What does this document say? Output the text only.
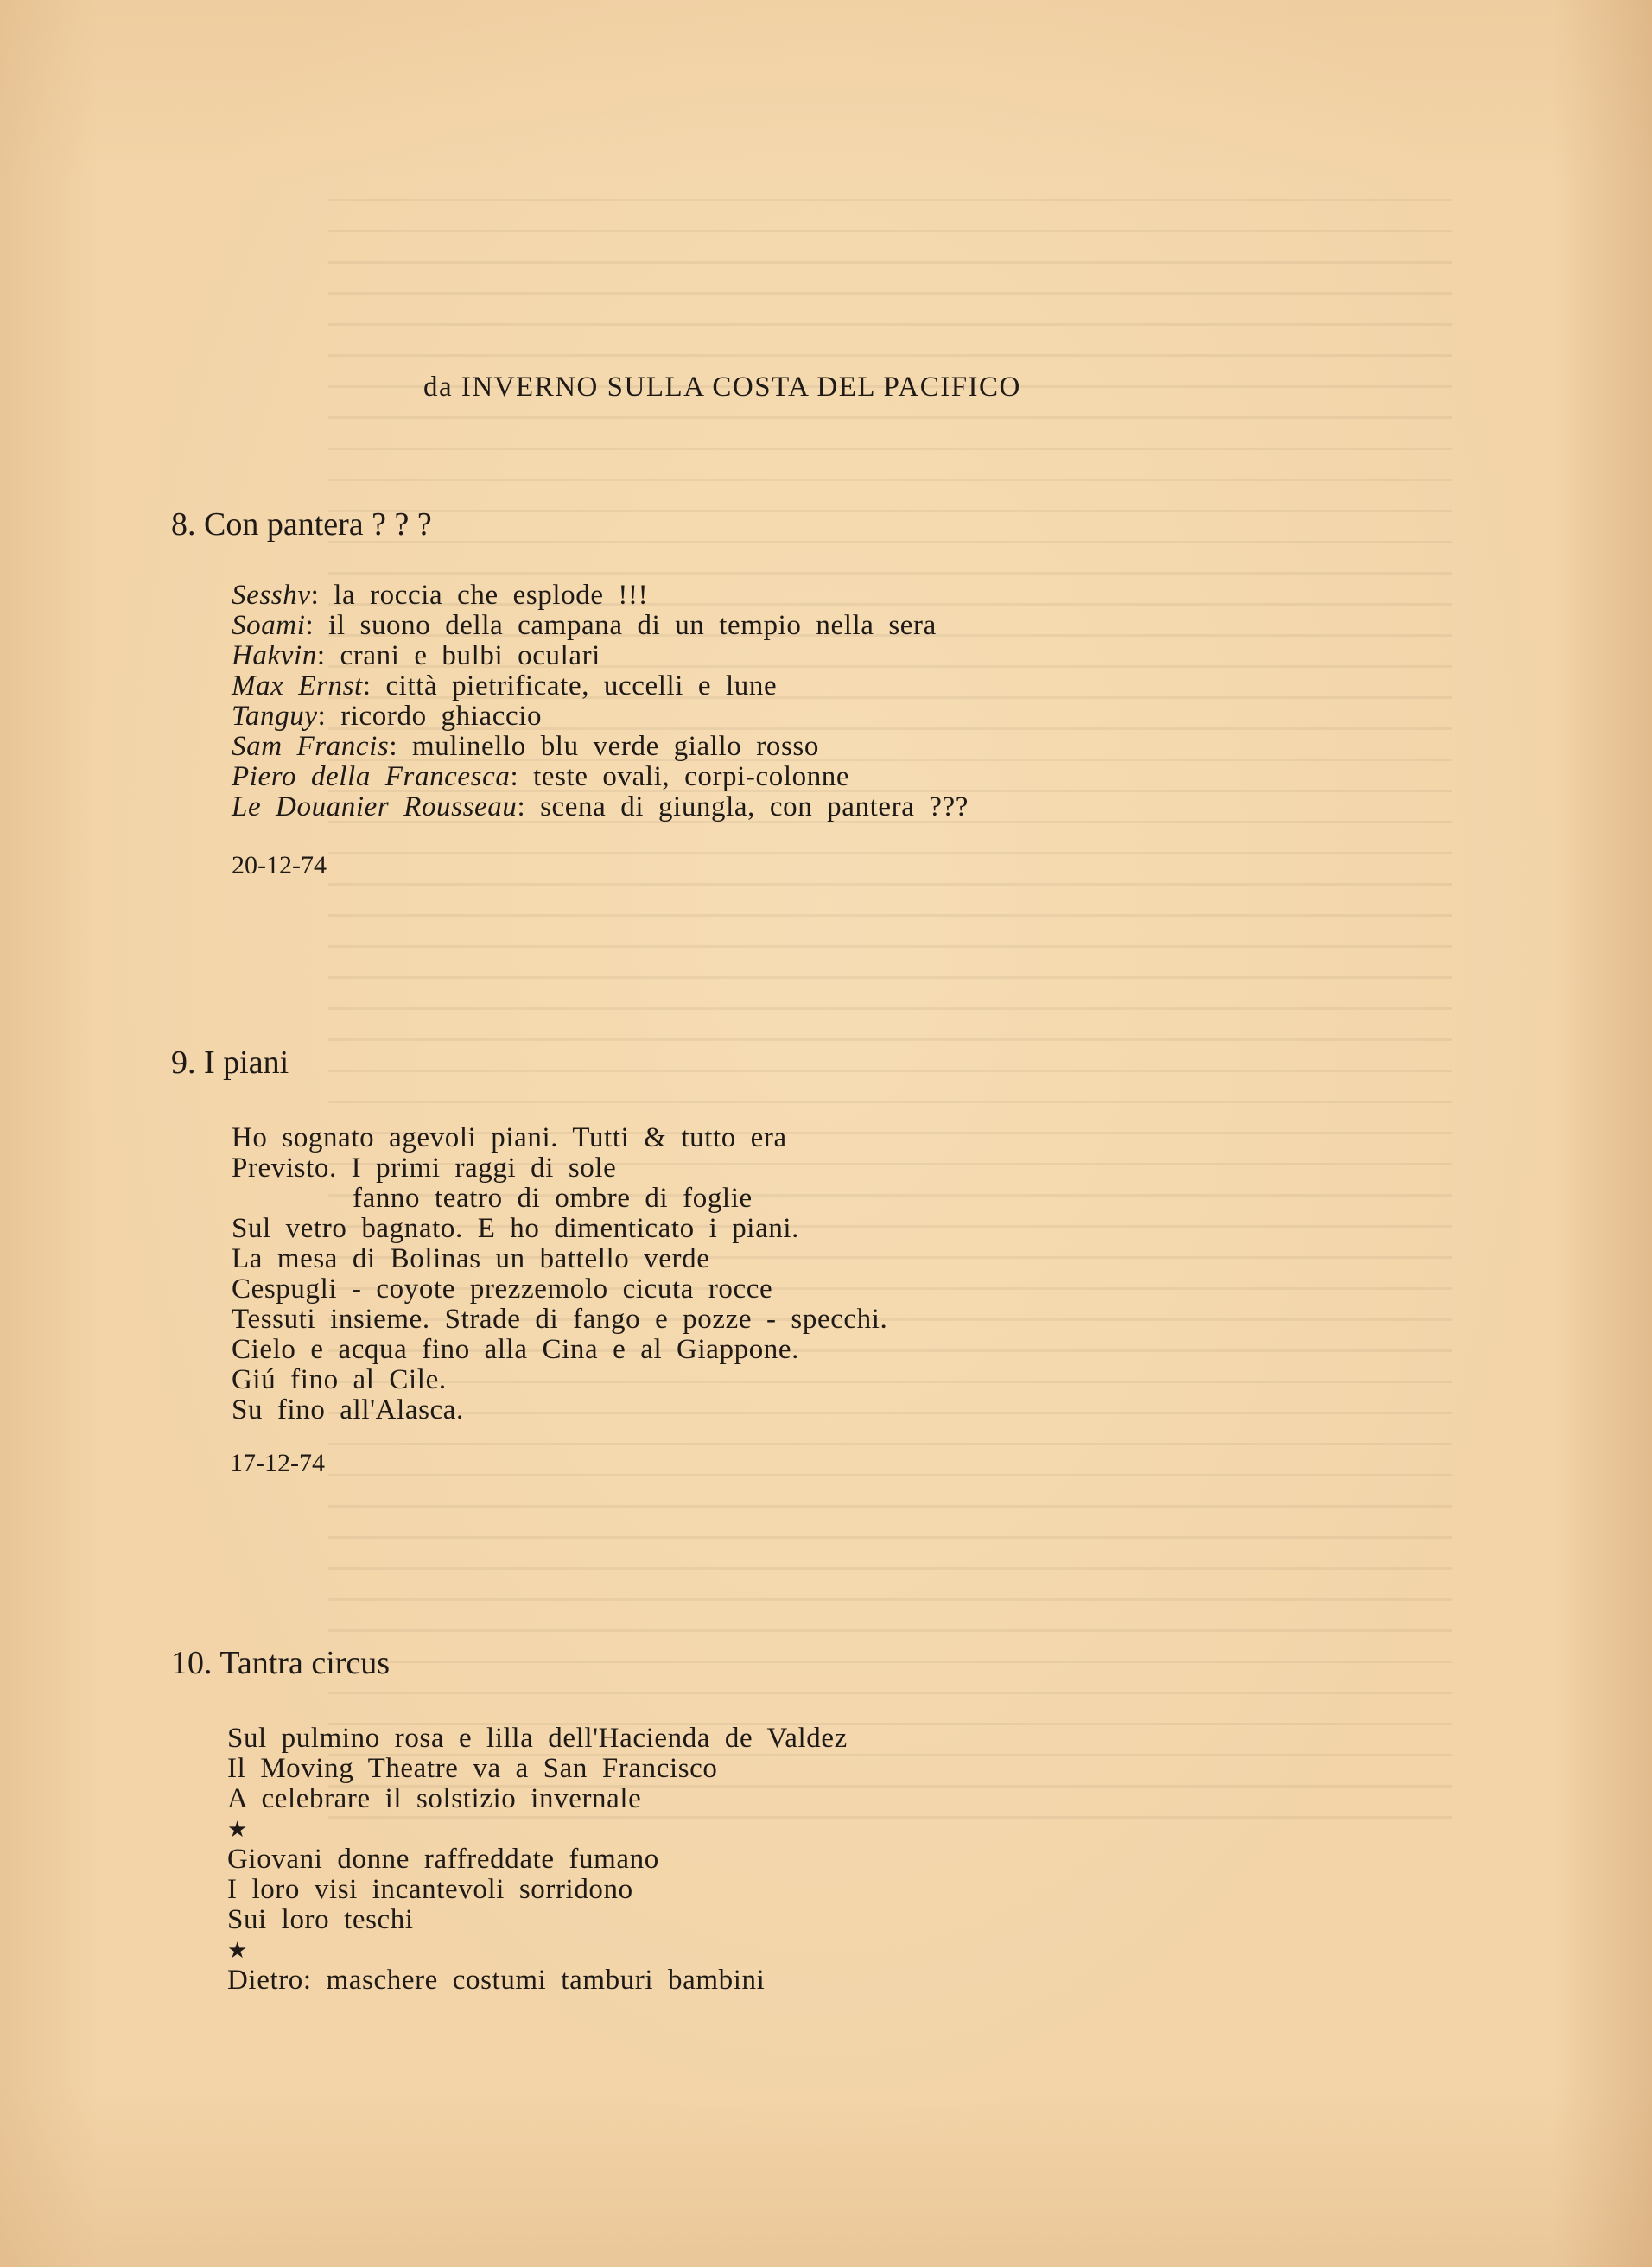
da INVERNO SULLA COSTA DEL PACIFICO
8. Con pantera ? ? ?
Sesshv: la roccia che esplode !!!
Soami: il suono della campana di un tempio nella sera
Hakvin: crani e bulbi oculari
Max Ernst: città pietrificate, uccelli e lune
Tanguy: ricordo ghiaccio
Sam Francis: mulinello blu verde giallo rosso
Piero della Francesca: teste ovali, corpi-colonne
Le Douanier Rousseau: scena di giungla, con pantera ???
20-12-74
9. I piani
Ho sognato agevoli piani. Tutti & tutto era
Previsto. I primi raggi di sole
fanno teatro di ombre di foglie
Sul vetro bagnato. E ho dimenticato i piani.
La mesa di Bolinas un battello verde
Cespugli - coyote prezzemolo cicuta rocce
Tessuti insieme. Strade di fango e pozze - specchi.
Cielo e acqua fino alla Cina e al Giappone.
Giú fino al Cile.
Su fino all'Alasca.
17-12-74
10. Tantra circus
Sul pulmino rosa e lilla dell'Hacienda de Valdez
Il Moving Theatre va a San Francisco
A celebrare il solstizio invernale
★
Giovani donne raffreddate fumano
I loro visi incantevoli sorridono
Sui loro teschi
★
Dietro: maschere costumi tamburi bambini
